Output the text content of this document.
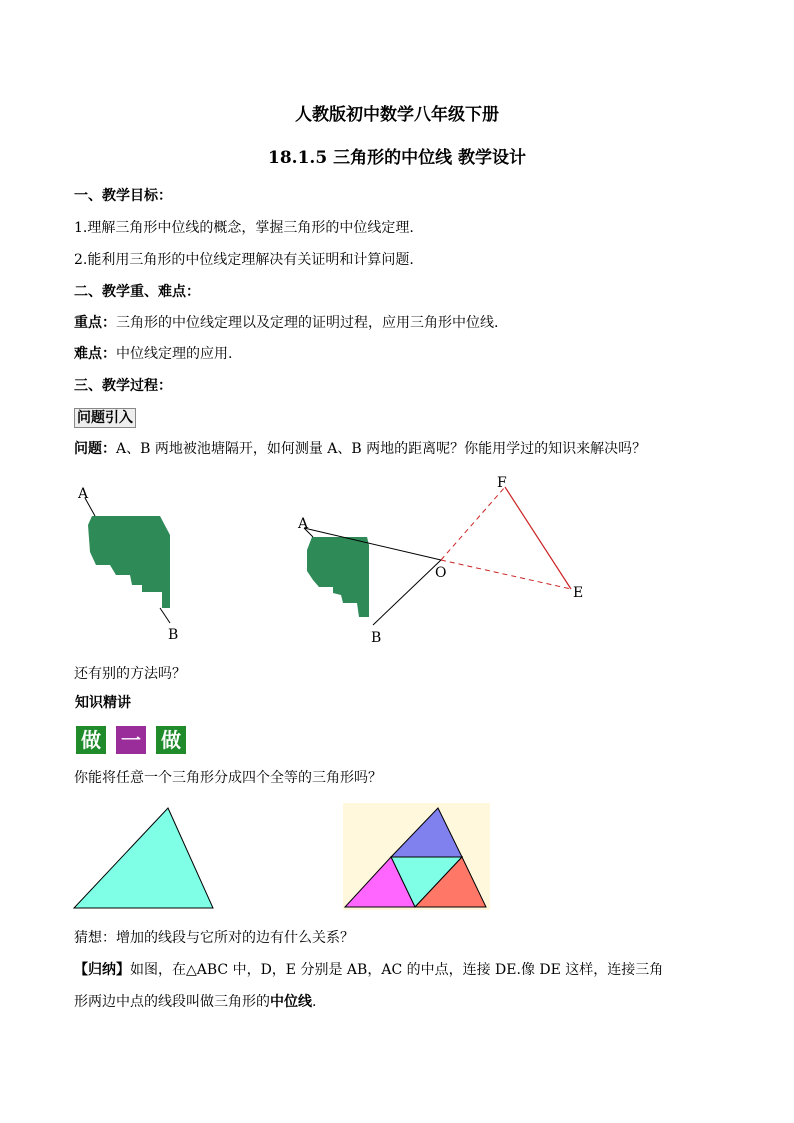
人教版初中数学八年级下册
18.1.5 三角形的中位线 教学设计
一、教学目标：
1.理解三角形中位线的概念，掌握三角形的中位线定理.
2.能利用三角形的中位线定理解决有关证明和计算问题.
二、教学重、难点：
重点：三角形的中位线定理以及定理的证明过程，应用三角形中位线.
难点：中位线定理的应用.
三、教学过程：
问题引入
问题：A、B 两地被池塘隔开，如何测量 A、B 两地的距离呢？你能用学过的知识来解决吗？
A
B
A
B
O
E
F
还有别的方法吗？
知识精讲
做 一 做
你能将任意一个三角形分成四个全等的三角形吗？
猜想：增加的线段与它所对的边有什么关系？
【归纳】如图，在△ABC 中，D，E 分别是 AB，AC 的中点，连接 DE.像 DE 这样，连接三角
形两边中点的线段叫做三角形的中位线.
